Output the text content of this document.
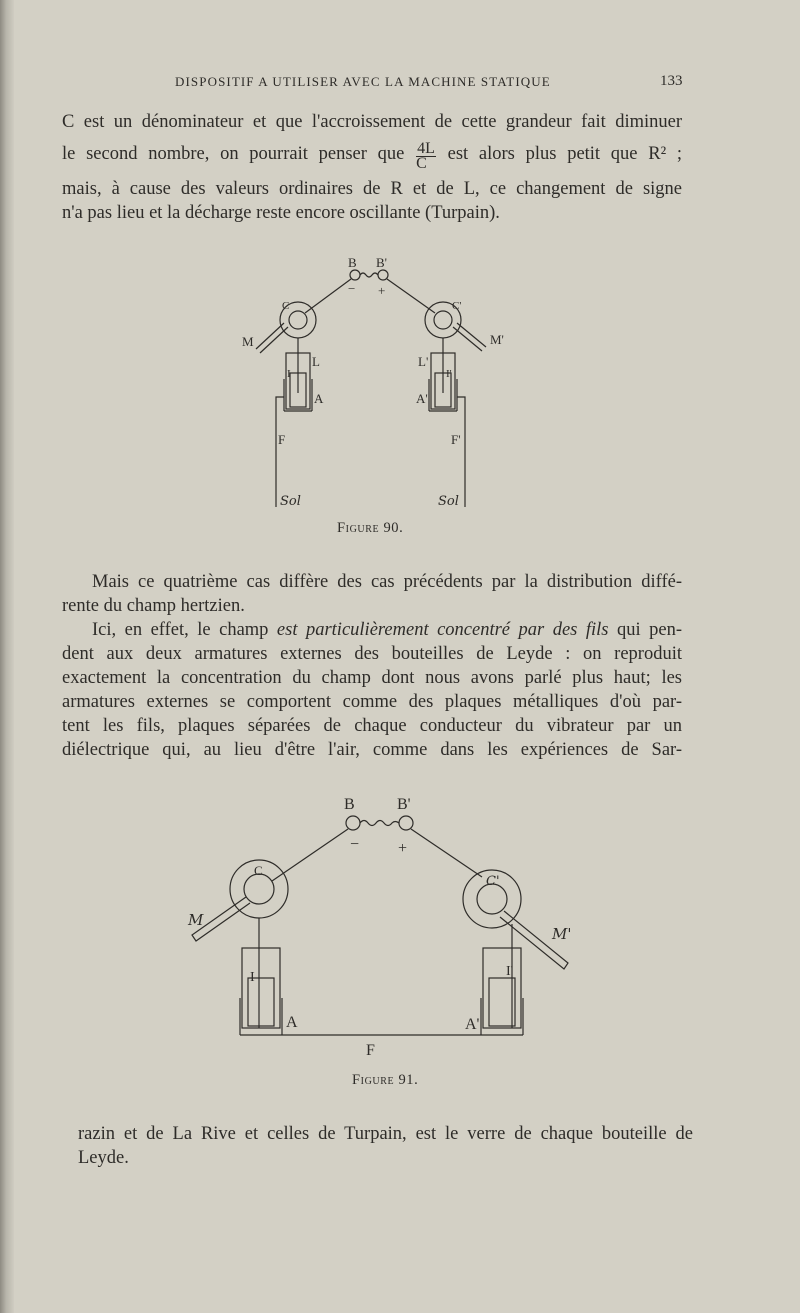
DISPOSITIF A UTILISER AVEC LA MACHINE STATIQUE	133

C est un dénominateur et que l'accroissement de cette grandeur fait diminuer
le second nombre, on pourrait penser que $\frac{4L}{C}$ est alors plus petit que R² ;
mais, à cause des valeurs ordinaires de R et de L, ce changement de signe
n'a pas lieu et la décharge reste encore oscillante (Turpain).

B B'
− +
C	C'
M	M'
L	L'
I	I'
A	A'
F	F'
Sol	Sol
Figure 90.

Mais ce quatrième cas diffère des cas précédents par la distribution diffé-
rente du champ hertzien.
Ici, en effet, le champ est particulièrement concentré par des fils qui pen-
dent aux deux armatures externes des bouteilles de Leyde : on reproduit
exactement la concentration du champ dont nous avons parlé plus haut; les
armatures externes se comportent comme des plaques métalliques d'où par-
tent les fils, plaques séparées de chaque conducteur du vibrateur par un
diélectrique qui, au lieu d'être l'air, comme dans les expériences de Sar-

B	B'
− +
C
C'
M
M'
I	I'
A	A'
F
Figure 91.

razin et de La Rive et celles de Turpain, est le verre de chaque bouteille de
Leyde.
